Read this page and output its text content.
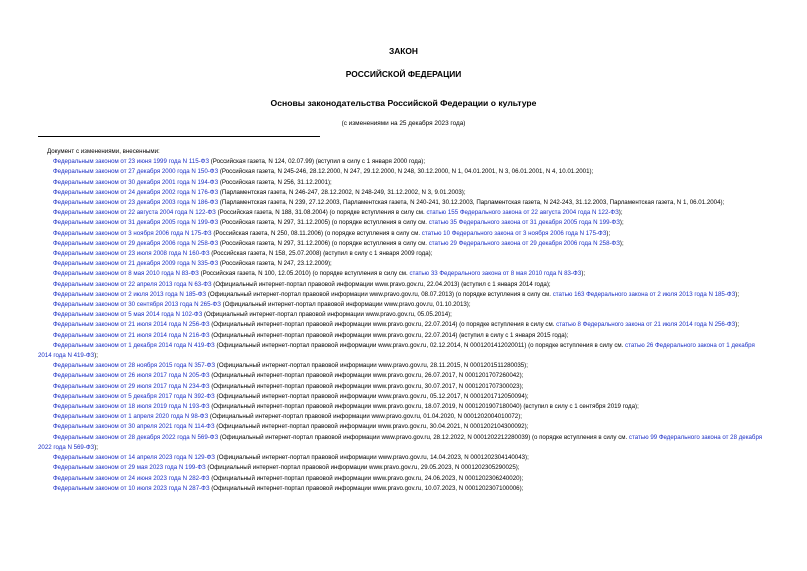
ЗАКОН
РОССИЙСКОЙ ФЕДЕРАЦИИ
Основы законодательства Российской Федерации о культуре
(с изменениями на 25 декабря 2023 года)
Документ с изменениями, внесенными:
Федеральным законом от 23 июня 1999 года N 115-ФЗ (Российская газета, N 124, 02.07.99) (вступил в силу с 1 января 2000 года);
Федеральным законом от 27 декабря 2000 года N 150-ФЗ (Российская газета, N 245-246, 28.12.2000, N 247, 29.12.2000, N 248, 30.12.2000, N 1, 04.01.2001, N 3, 06.01.2001, N 4, 10.01.2001);
Федеральным законом от 30 декабря 2001 года N 194-ФЗ (Российская газета, N 256, 31.12.2001);
Федеральным законом от 24 декабря 2002 года N 176-ФЗ (Парламентская газета, N 246-247, 28.12.2002, N 248-249, 31.12.2002, N 3, 9.01.2003);
Федеральным законом от 23 декабря 2003 года N 186-ФЗ (Парламентская газета, N 239, 27.12.2003, Парламентская газета, N 240-241, 30.12.2003, Парламентская газета, N 242-243, 31.12.2003, Парламентская газета, N 1, 06.01.2004);
Федеральным законом от 22 августа 2004 года N 122-ФЗ (Российская газета, N 188, 31.08.2004) (о порядке вступления в силу см. статью 155 Федерального закона от 22 августа 2004 года N 122-ФЗ);
Федеральным законом от 31 декабря 2005 года N 199-ФЗ (Российская газета, N 297, 31.12.2005) (о порядке вступления в силу см. статью 35 Федерального закона от 31 декабря 2005 года N 199-ФЗ);
Федеральным законом от 3 ноября 2006 года N 175-ФЗ (Российская газета, N 250, 08.11.2006) (о порядке вступления в силу см. статью 10 Федерального закона от 3 ноября 2006 года N 175-ФЗ);
Федеральным законом от 29 декабря 2006 года N 258-ФЗ (Российская газета, N 297, 31.12.2006) (о порядке вступления в силу см. статью 29 Федерального закона от 29 декабря 2006 года N 258-ФЗ);
Федеральным законом от 23 июля 2008 года N 160-ФЗ (Российская газета, N 158, 25.07.2008) (вступил в силу с 1 января 2009 года);
Федеральным законом от 21 декабря 2009 года N 335-ФЗ (Российская газета, N 247, 23.12.2009);
Федеральным законом от 8 мая 2010 года N 83-ФЗ (Российская газета, N 100, 12.05.2010) (о порядке вступления в силу см. статью 33 Федерального закона от 8 мая 2010 года N 83-ФЗ);
Федеральным законом от 22 апреля 2013 года N 63-ФЗ (Официальный интернет-портал правовой информации www.pravo.gov.ru, 22.04.2013) (вступил с 1 января 2014 года);
Федеральным законом от 2 июля 2013 года N 185-ФЗ (Официальный интернет-портал правовой информации www.pravo.gov.ru, 08.07.2013) (о порядке вступления в силу см. статью 163 Федерального закона от 2 июля 2013 года N 185-ФЗ);
Федеральным законом от 30 сентября 2013 года N 265-ФЗ (Официальный интернет-портал правовой информации www.pravo.gov.ru, 01.10.2013);
Федеральным законом от 5 мая 2014 года N 102-ФЗ (Официальный интернет-портал правовой информации www.pravo.gov.ru, 05.05.2014);
Федеральным законом от 21 июля 2014 года N 256-ФЗ (Официальный интернет-портал правовой информации www.pravo.gov.ru, 22.07.2014) (о порядке вступления в силу см. статью 8 Федерального закона от 21 июля 2014 года N 256-ФЗ);
Федеральным законом от 21 июля 2014 года N 216-ФЗ (Официальный интернет-портал правовой информации www.pravo.gov.ru, 22.07.2014) (вступил в силу с 1 января 2015 года);
Федеральным законом от 1 декабря 2014 года N 419-ФЗ (Официальный интернет-портал правовой информации www.pravo.gov.ru, 02.12.2014, N 0001201412020011) (о порядке вступления в силу см. статью 26 Федерального закона от 1 декабря 2014 года N 419-ФЗ);
Федеральным законом от 28 ноября 2015 года N 357-ФЗ (Официальный интернет-портал правовой информации www.pravo.gov.ru, 28.11.2015, N 0001201511280035);
Федеральным законом от 26 июля 2017 года N 205-ФЗ (Официальный интернет-портал правовой информации www.pravo.gov.ru, 26.07.2017, N 0001201707260042);
Федеральным законом от 29 июля 2017 года N 234-ФЗ (Официальный интернет-портал правовой информации www.pravo.gov.ru, 30.07.2017, N 0001201707300023);
Федеральным законом от 5 декабря 2017 года N 392-ФЗ (Официальный интернет-портал правовой информации www.pravo.gov.ru, 05.12.2017, N 0001201712050094);
Федеральным законом от 18 июля 2019 года N 193-ФЗ (Официальный интернет-портал правовой информации www.pravo.gov.ru, 18.07.2019, N 0001201907180040) (вступил в силу с 1 сентября 2019 года);
Федеральным законом от 1 апреля 2020 года N 98-ФЗ (Официальный интернет-портал правовой информации www.pravo.gov.ru, 01.04.2020, N 0001202004010072);
Федеральным законом от 30 апреля 2021 года N 114-ФЗ (Официальный интернет-портал правовой информации www.pravo.gov.ru, 30.04.2021, N 0001202104300092);
Федеральным законом от 28 декабря 2022 года N 569-ФЗ (Официальный интернет-портал правовой информации www.pravo.gov.ru, 28.12.2022, N 0001202212280039) (о порядке вступления в силу см. статью 99 Федерального закона от 28 декабря 2022 года N 569-ФЗ);
Федеральным законом от 14 апреля 2023 года N 129-ФЗ (Официальный интернет-портал правовой информации www.pravo.gov.ru, 14.04.2023, N 0001202304140043);
Федеральным законом от 29 мая 2023 года N 199-ФЗ (Официальный интернет-портал правовой информации www.pravo.gov.ru, 29.05.2023, N 0001202305290025);
Федеральным законом от 24 июня 2023 года N 282-ФЗ (Официальный интернет-портал правовой информации www.pravo.gov.ru, 24.06.2023, N 0001202306240020);
Федеральным законом от 10 июля 2023 года N 287-ФЗ (Официальный интернет-портал правовой информации www.pravo.gov.ru, 10.07.2023, N 0001202307100006);
